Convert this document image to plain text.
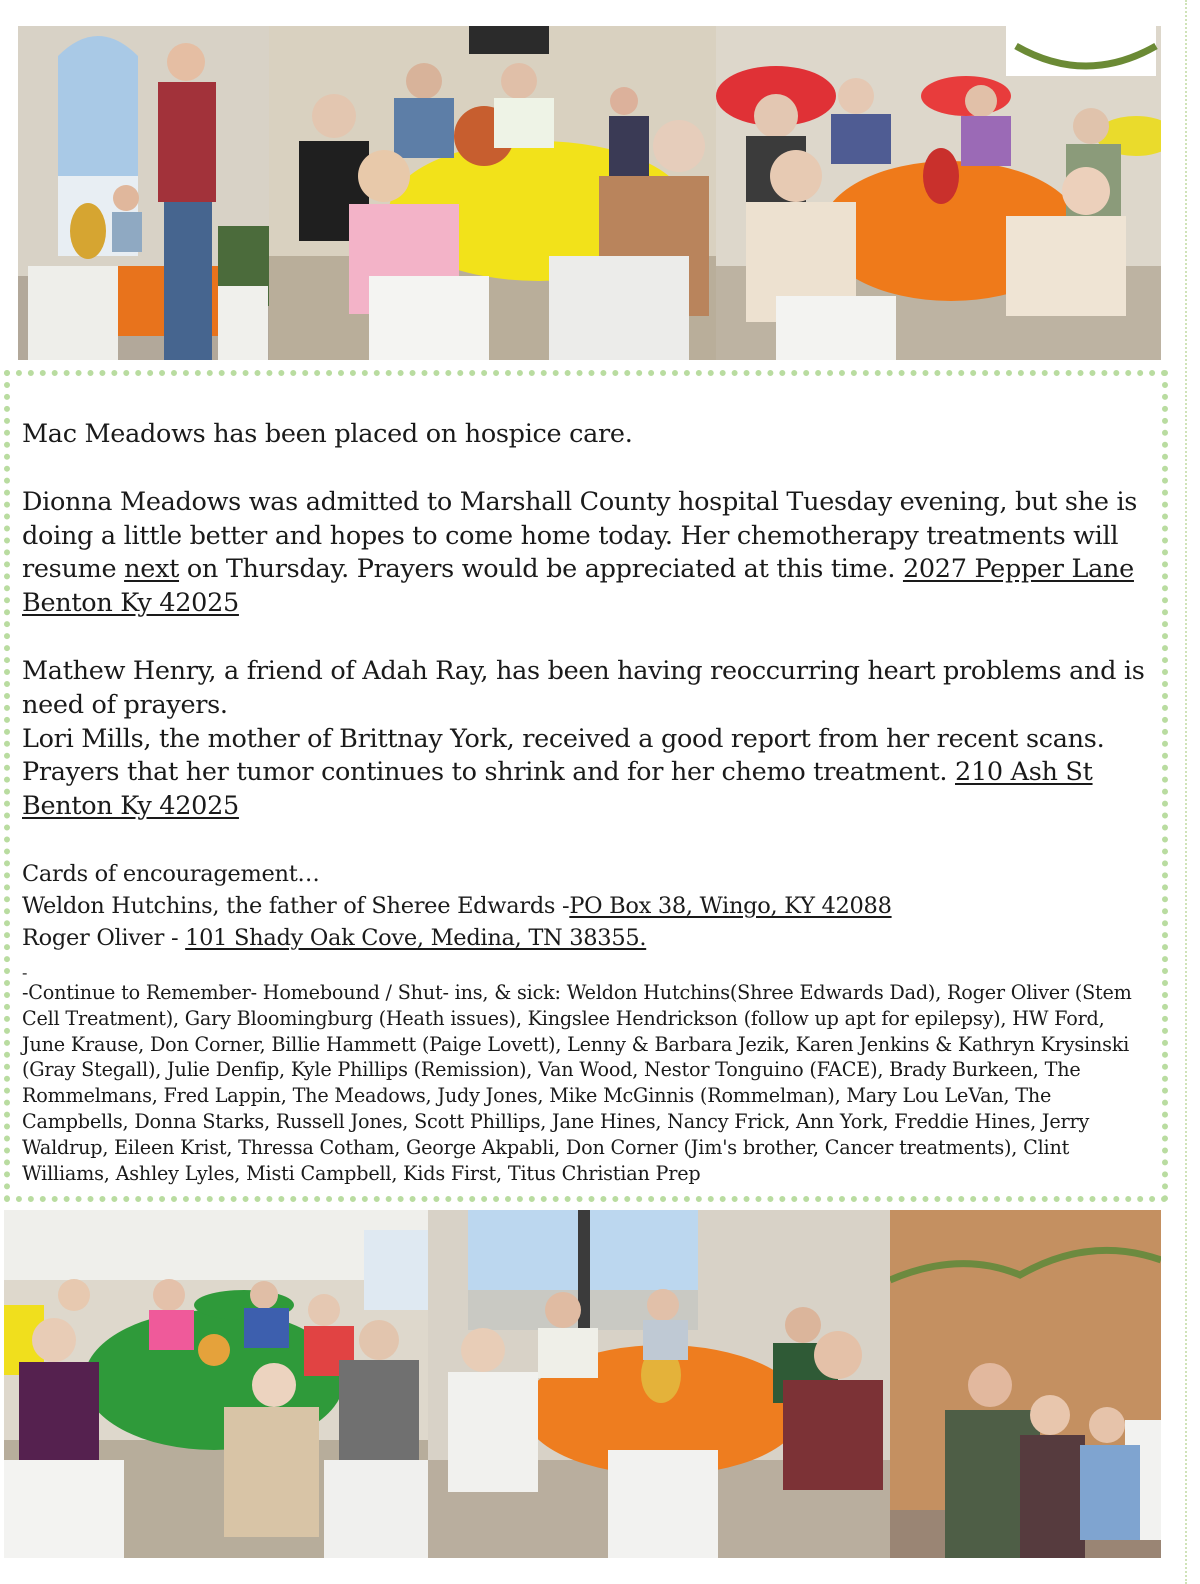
Mac Meadows has been placed on hospice care.

Dionna Meadows was admitted to Marshall County hospital Tuesday evening, but she is doing a little better and hopes to come home today. Her chemotherapy treatments will resume next on Thursday. Prayers would be appreciated at this time. 2027 Pepper Lane Benton Ky 42025

Mathew Henry, a friend of Adah Ray, has been having reoccurring heart problems and is need of prayers.

Lori Mills, the mother of Brittnay York, received a good report from her recent scans. Prayers that her tumor continues to shrink and for her chemo treatment. 210 Ash St Benton Ky 42025

Cards of encouragement…

Weldon Hutchins, the father of Sheree Edwards -PO Box 38, Wingo, KY 42088

Roger Oliver - 101 Shady Oak Cove, Medina, TN 38355.

-
-Continue to Remember- Homebound / Shut- ins, & sick: Weldon Hutchins(Shree Edwards Dad), Roger Oliver (Stem Cell Treatment), Gary Bloomingburg (Heath issues), Kingslee Hendrickson (follow up apt for epilepsy), HW Ford, June Krause, Don Corner, Billie Hammett (Paige Lovett), Lenny & Barbara Jezik, Karen Jenkins & Kathryn Krysinski (Gray Stegall), Julie Denfip, Kyle Phillips (Remission), Van Wood, Nestor Tonguino (FACE), Brady Burkeen, The Rommelmans, Fred Lappin, The Meadows, Judy Jones, Mike McGinnis (Rommelman), Mary Lou LeVan, The Campbells, Donna Starks, Russell Jones, Scott Phillips, Jane Hines, Nancy Frick, Ann York, Freddie Hines, Jerry Waldrup, Eileen Krist, Thressa Cotham, George Akpabli, Don Corner (Jim's brother, Cancer treatments), Clint Williams, Ashley Lyles, Misti Campbell, Kids First, Titus Christian Prep
